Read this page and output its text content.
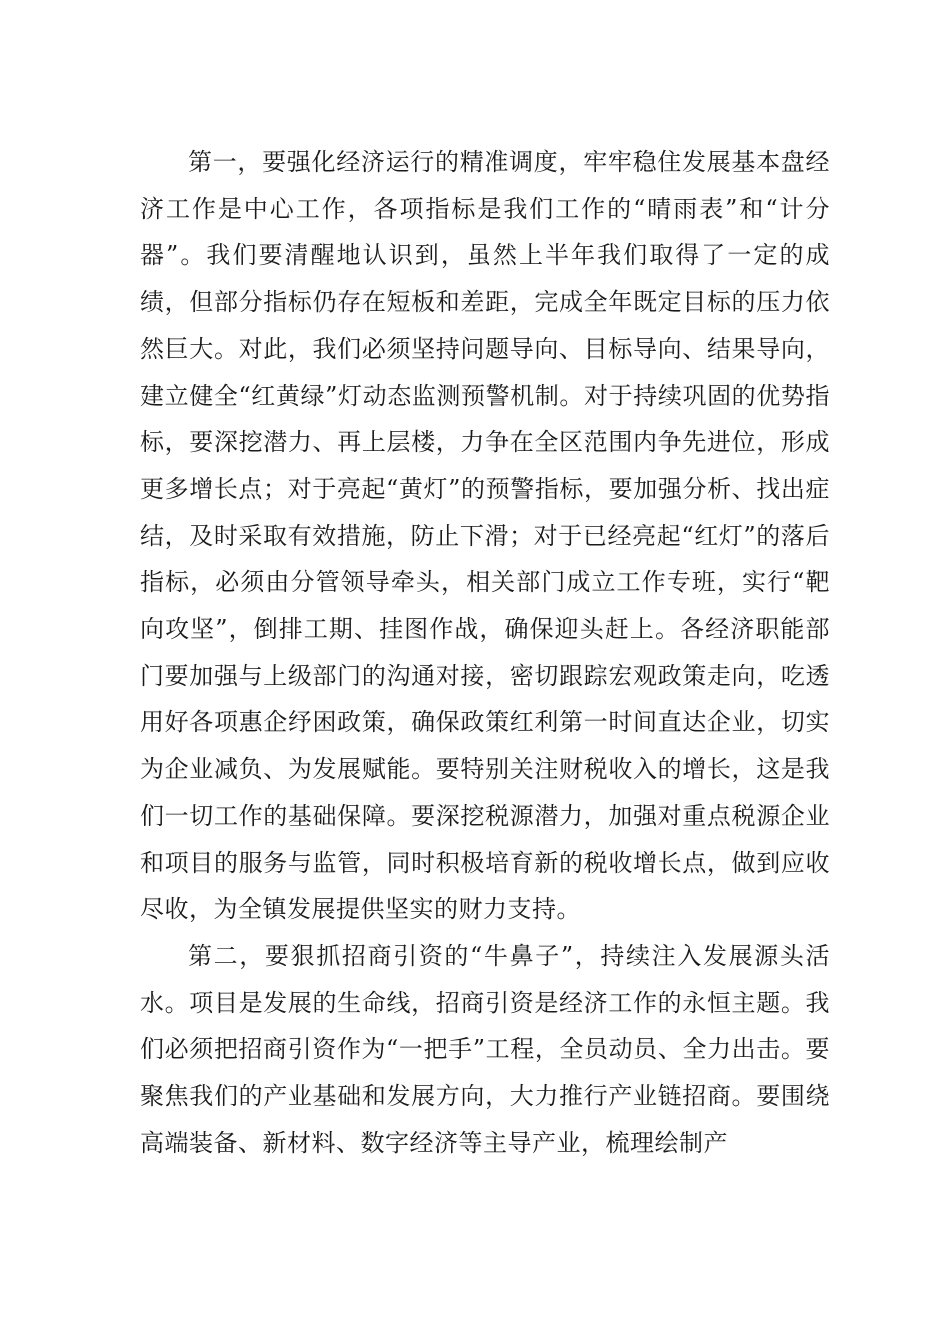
第一，要强化经济运行的精准调度，牢牢稳住发展基本盘经济工作是中心工作，各项指标是我们工作的“晴雨表”和“计分器”。我们要清醒地认识到，虽然上半年我们取得了一定的成绩，但部分指标仍存在短板和差距，完成全年既定目标的压力依然巨大。对此，我们必须坚持问题导向、目标导向、结果导向，建立健全“红黄绿”灯动态监测预警机制。对于持续巩固的优势指标，要深挖潜力、再上层楼，力争在全区范围内争先进位，形成更多增长点；对于亮起“黄灯”的预警指标，要加强分析、找出症结，及时采取有效措施，防止下滑；对于已经亮起“红灯”的落后指标，必须由分管领导牵头，相关部门成立工作专班，实行“靶向攻坚”，倒排工期、挂图作战，确保迎头赶上。各经济职能部门要加强与上级部门的沟通对接，密切跟踪宏观政策走向，吃透用好各项惠企纾困政策，确保政策红利第一时间直达企业，切实为企业减负、为发展赋能。要特别关注财税收入的增长，这是我们一切工作的基础保障。要深挖税源潜力，加强对重点税源企业和项目的服务与监管，同时积极培育新的税收增长点，做到应收尽收，为全镇发展提供坚实的财力支持。

第二，要狠抓招商引资的“牛鼻子”，持续注入发展源头活水。项目是发展的生命线，招商引资是经济工作的永恒主题。我们必须把招商引资作为“一把手”工程，全员动员、全力出击。要聚焦我们的产业基础和发展方向，大力推行产业链招商。要围绕高端装备、新材料、数字经济等主导产业，梳理绘制产
